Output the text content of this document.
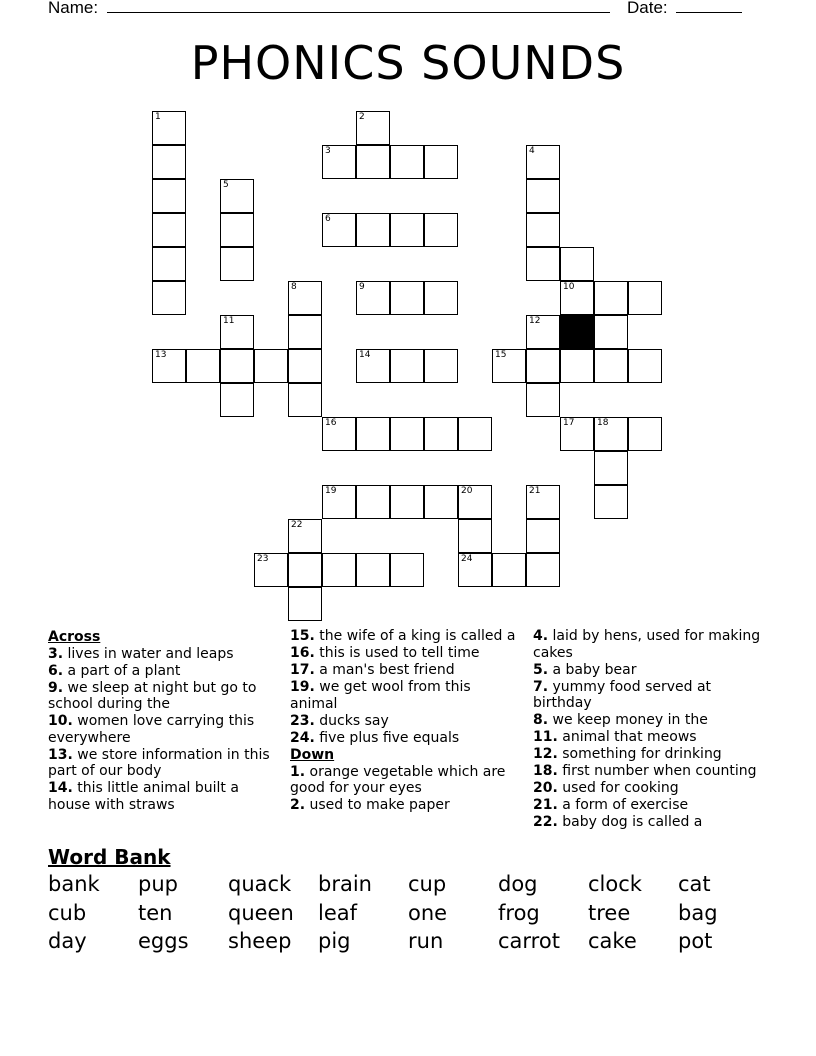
Name:	Date:
PHONICS SOUNDS
1	2
3
5
4
6
8	9	10
11	12
13	14	15
16	17	18
19	20	21
24
22
23
Across
3. lives in water and leaps
6. a part of a plant
9. we sleep at night but go to school during the
10. women love carrying this everywhere
13. we store information in this part of our body
14. this little animal built a house with straws
15. the wife of a king is called a
16. this is used to tell time
17. a man's best friend
19. we get wool from this animal
23. ducks say
24. five plus five equals
Down
1. orange vegetable which are good for your eyes
2. used to make paper
4. laid by hens, used for making cakes
5. a baby bear
7. yummy food served at birthday
8. we keep money in the
11. animal that meows
12. something for drinking
18. first number when counting
20. used for cooking
21. a form of exercise
22. baby dog is called a
Word Bank
bank pup quack brain cup dog clock cat
cub ten	queen leaf one frog tree bag
day eggs sheep pig	run	carrot cake pot
